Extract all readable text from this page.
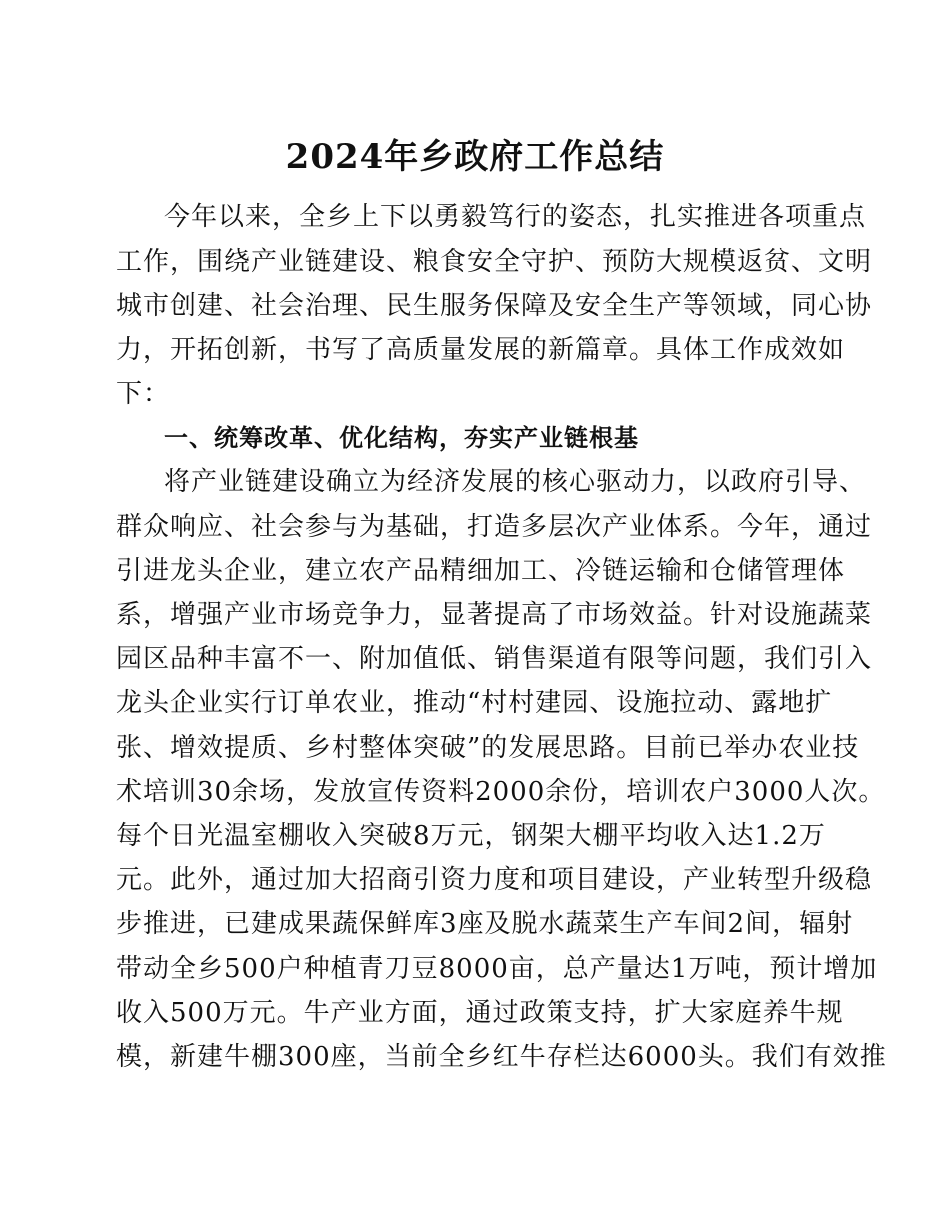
2024年乡政府工作总结
今年以来，全乡上下以勇毅笃行的姿态，扎实推进各项重点
工作，围绕产业链建设、粮食安全守护、预防大规模返贫、文明
城市创建、社会治理、民生服务保障及安全生产等领域，同心协
力，开拓创新，书写了高质量发展的新篇章。具体工作成效如
下：
一、统筹改革、优化结构，夯实产业链根基
将产业链建设确立为经济发展的核心驱动力，以政府引导、
群众响应、社会参与为基础，打造多层次产业体系。今年，通过
引进龙头企业，建立农产品精细加工、冷链运输和仓储管理体
系，增强产业市场竞争力，显著提高了市场效益。针对设施蔬菜
园区品种丰富不一、附加值低、销售渠道有限等问题，我们引入
龙头企业实行订单农业，推动“村村建园、设施拉动、露地扩
张、增效提质、乡村整体突破”的发展思路。目前已举办农业技
术培训30余场，发放宣传资料2000余份，培训农户3000人次。
每个日光温室棚收入突破8万元，钢架大棚平均收入达1.2万
元。此外，通过加大招商引资力度和项目建设，产业转型升级稳
步推进，已建成果蔬保鲜库3座及脱水蔬菜生产车间2间，辐射
带动全乡500户种植青刀豆8000亩，总产量达1万吨，预计增加
收入500万元。牛产业方面，通过政策支持，扩大家庭养牛规
模，新建牛棚300座，当前全乡红牛存栏达6000头。我们有效推
